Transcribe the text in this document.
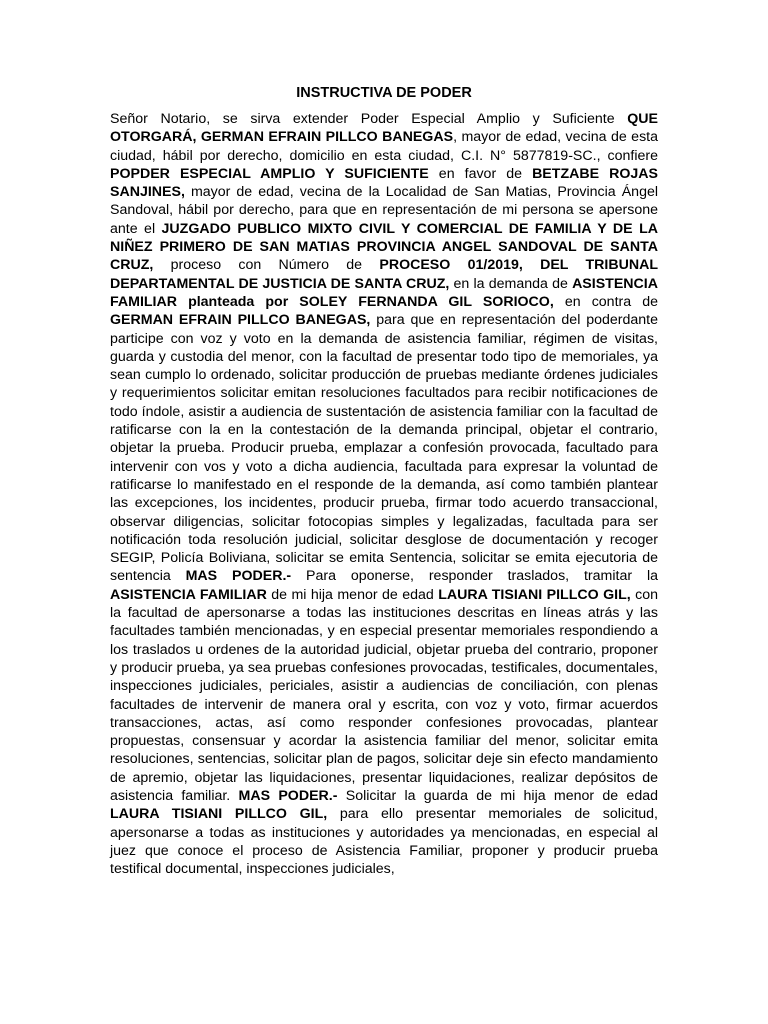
INSTRUCTIVA DE PODER

Señor Notario, se sirva extender Poder Especial Amplio y Suficiente QUE OTORGARÁ, GERMAN EFRAIN PILLCO BANEGAS, mayor de edad, vecina de esta ciudad, hábil por derecho, domicilio en esta ciudad, C.I. N° 5877819-SC., confiere POPDER ESPECIAL AMPLIO Y SUFICIENTE en favor de BETZABE ROJAS SANJINES, mayor de edad, vecina de la Localidad de San Matias, Provincia Ángel Sandoval, hábil por derecho, para que en representación de mi persona se apersone ante el JUZGADO PUBLICO MIXTO CIVIL Y COMERCIAL DE FAMILIA Y DE LA NIÑEZ PRIMERO DE SAN MATIAS PROVINCIA ANGEL SANDOVAL DE SANTA CRUZ, proceso con Número de PROCESO 01/2019, DEL TRIBUNAL DEPARTAMENTAL DE JUSTICIA DE SANTA CRUZ, en la demanda de ASISTENCIA FAMILIAR planteada por SOLEY FERNANDA GIL SORIOCO, en contra de GERMAN EFRAIN PILLCO BANEGAS, para que en representación del poderdante participe con voz y voto en la demanda de asistencia familiar, régimen de visitas, guarda y custodia del menor, con la facultad de presentar todo tipo de memoriales, ya sean cumplo lo ordenado, solicitar producción de pruebas mediante órdenes judiciales y requerimientos solicitar emitan resoluciones facultados para recibir notificaciones de todo índole, asistir a audiencia de sustentación de asistencia familiar con la facultad de ratificarse con la en la contestación de la demanda principal, objetar el contrario, objetar la prueba. Producir prueba, emplazar a confesión provocada, facultado para intervenir con vos y voto a dicha audiencia, facultada para expresar la voluntad de ratificarse lo manifestado en el responde de la demanda, así como también plantear las excepciones, los incidentes, producir prueba, firmar todo acuerdo transaccional, observar diligencias, solicitar fotocopias simples y legalizadas, facultada para ser notificación toda resolución judicial, solicitar desglose de documentación y recoger SEGIP, Policía Boliviana, solicitar se emita Sentencia, solicitar se emita ejecutoria de sentencia MAS PODER.- Para oponerse, responder traslados, tramitar la ASISTENCIA FAMILIAR de mi hija menor de edad LAURA TISIANI PILLCO GIL, con la facultad de apersonarse a todas las instituciones descritas en líneas atrás y las facultades también mencionadas, y en especial presentar memoriales respondiendo a los traslados u ordenes de la autoridad judicial, objetar prueba del contrario, proponer y producir prueba, ya sea pruebas confesiones provocadas, testificales, documentales, inspecciones judiciales, periciales, asistir a audiencias de conciliación, con plenas facultades de intervenir de manera oral y escrita, con voz y voto, firmar acuerdos transacciones, actas, así como responder confesiones provocadas, plantear propuestas, consensuar y acordar la asistencia familiar del menor, solicitar emita resoluciones, sentencias, solicitar plan de pagos, solicitar deje sin efecto mandamiento de apremio, objetar las liquidaciones, presentar liquidaciones, realizar depósitos de asistencia familiar. MAS PODER.- Solicitar la guarda de mi hija menor de edad LAURA TISIANI PILLCO GIL, para ello presentar memoriales de solicitud, apersonarse a todas as instituciones y autoridades ya mencionadas, en especial al juez que conoce el proceso de Asistencia Familiar, proponer y producir prueba testifical documental, inspecciones judiciales,
